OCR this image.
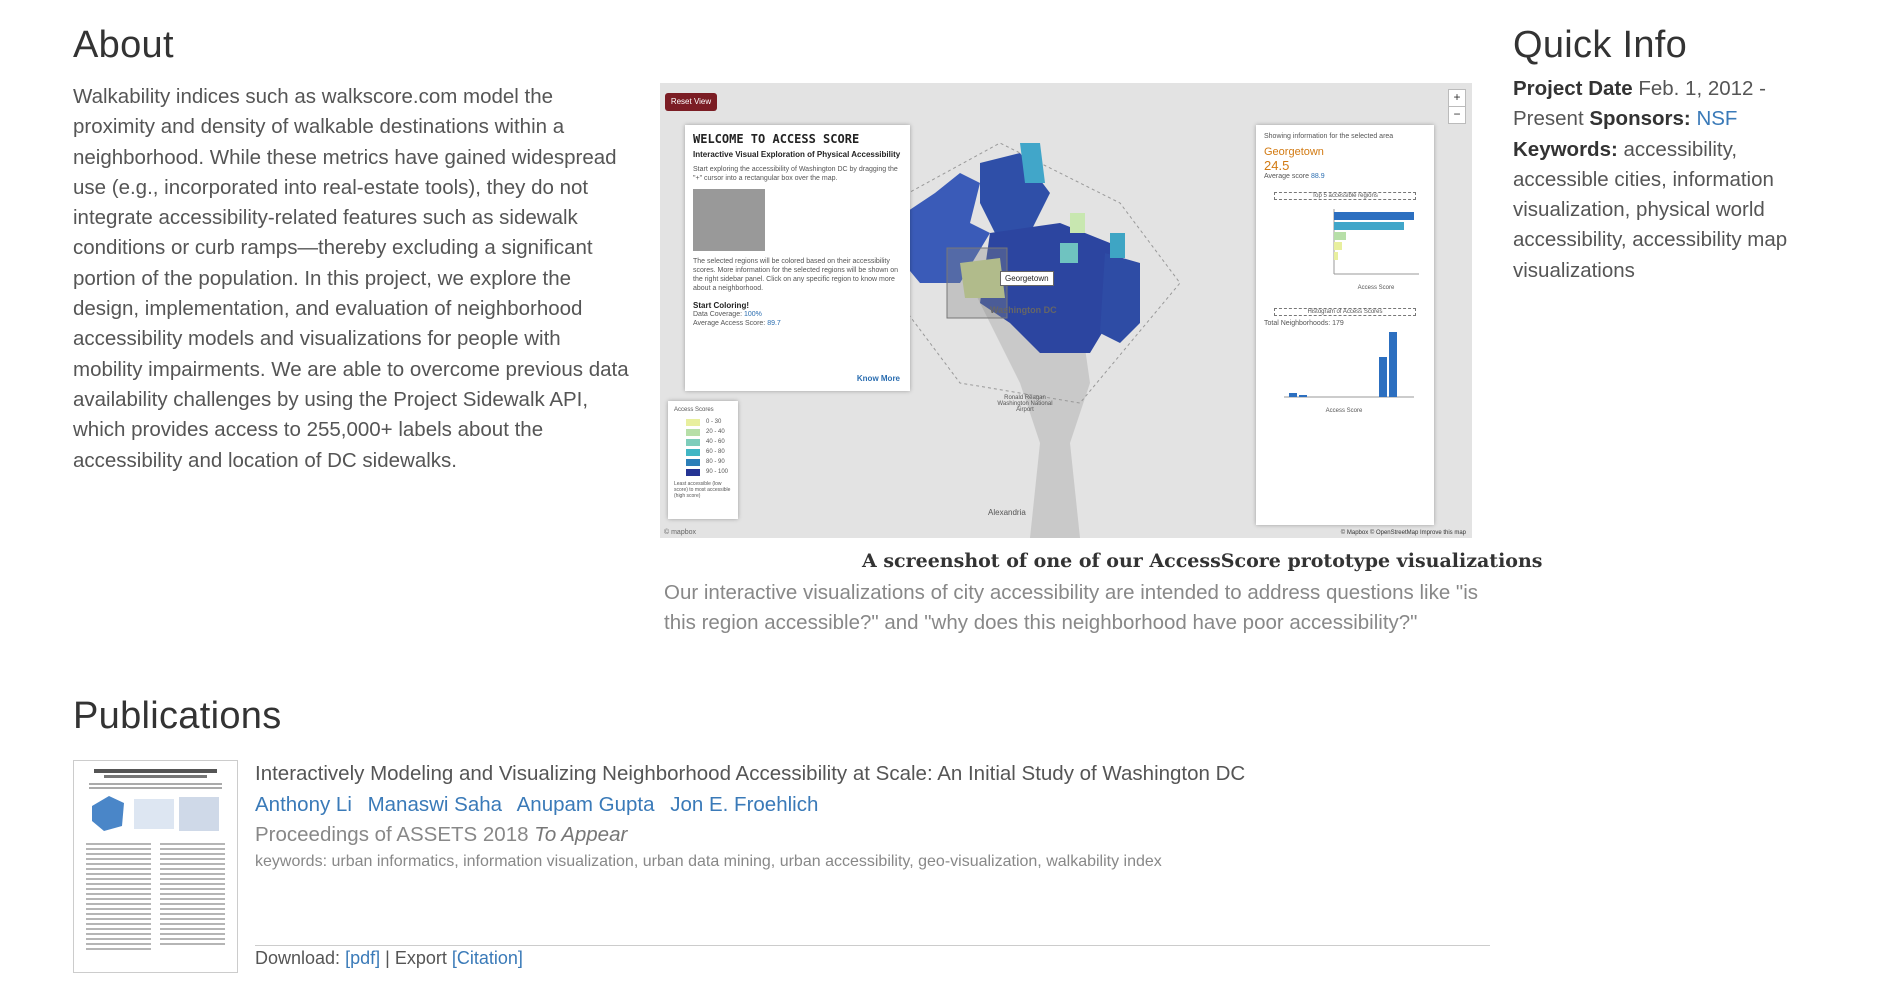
About
Walkability indices such as walkscore.com model the proximity and density of walkable destinations within a neighborhood. While these metrics have gained widespread use (e.g., incorporated into real-estate tools), they do not integrate accessibility-related features such as sidewalk conditions or curb ramps—thereby excluding a significant portion of the population. In this project, we explore the design, implementation, and evaluation of neighborhood accessibility models and visualizations for people with mobility impairments. We are able to overcome previous data availability challenges by using the Project Sidewalk API, which provides access to 255,000+ labels about the accessibility and location of DC sidewalks.
Reset View	+
−
WELCOME TO ACCESS SCORE
Interactive Visual Exploration of Physical Accessibility
Start exploring the accessibility of Washington DC by dragging the "+" cursor into a rectangular box over the map.
The selected regions will be colored based on their accessibility scores. More information for the selected regions will be shown on the right sidebar panel. Click on any specific region to know more about a neighborhood.
Start Coloring!
Data Coverage: 100%
Average Access Score: 89.7
Know More
Access Scores
0 - 30
20 - 40
40 - 60
60 - 80
80 - 90
90 - 100
Least accessible (low score) to most accessible (high score)
Showing information for the selected area
Georgetown
24.5
Average score 88.9
Top 5 accessible regions
Access Score
Histogram of Access Scores
Total Neighborhoods: 179
Access Score
Georgetown
Washington DC
Ronald Reagan Washington National Airport
Alexandria
© Mapbox © OpenStreetMap Improve this map
© mapbox
A screenshot of one of our AccessScore prototype visualizations
Our interactive visualizations of city accessibility are intended to address questions like "is this region accessible?" and "why does this neighborhood have poor accessibility?"
Quick Info
Project Date Feb. 1, 2012 - Present Sponsors: NSF
Keywords: accessibility, accessible cities, information visualization, physical world accessibility, accessibility map visualizations
Publications
Interactively Modeling and Visualizing Neighborhood Accessibility at Scale: An Initial Study of Washington DC
Anthony Li Manaswi Saha Anupam Gupta Jon E. Froehlich
Proceedings of ASSETS 2018 To Appear
keywords: urban informatics, information visualization, urban data mining, urban accessibility, geo-visualization, walkability index
Download: [pdf] | Export [Citation]
